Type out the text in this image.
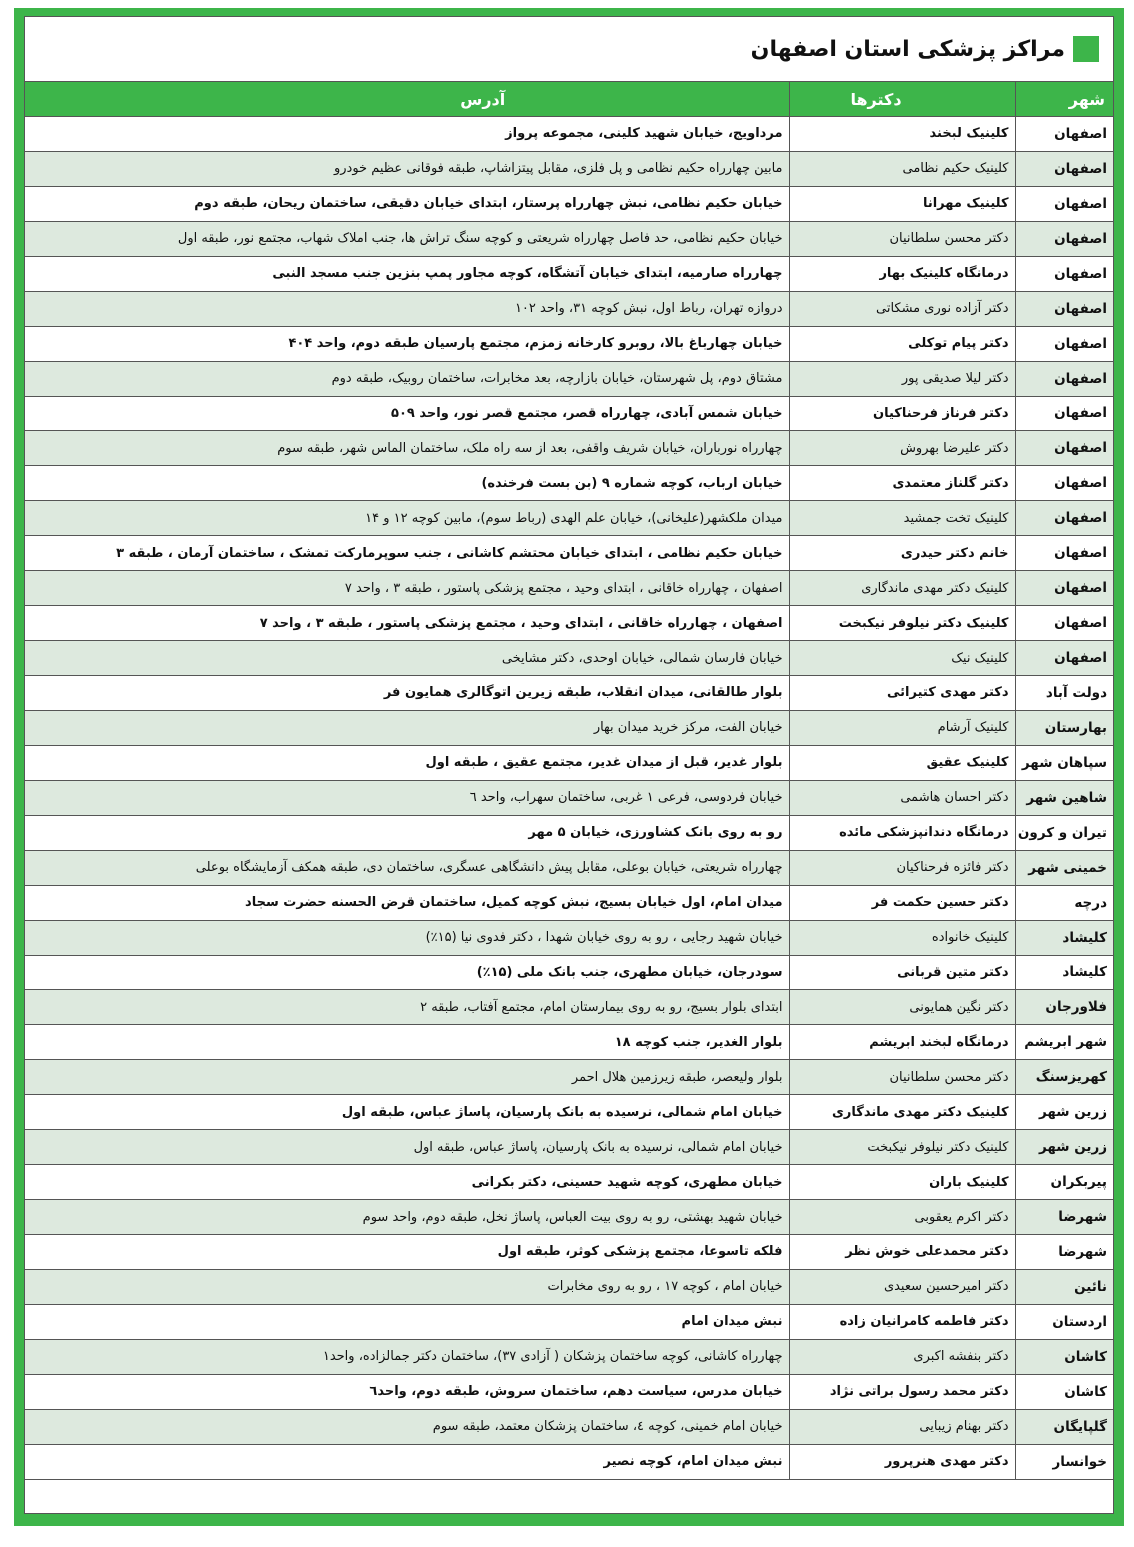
مراکز پزشکی استان اصفهان
شهر	دکترها	آدرس
اصفهان	کلینیک لبخند	مرداویج، خیابان شهید کلینی، مجموعه پرواز
اصفهان	کلینیک حکیم نظامی	مابین چهارراه حکیم نظامی و پل فلزی، مقابل پیتزاشاپ، طبقه فوقانی عظیم خودرو
اصفهان	کلینیک مهرانا	خیابان حکیم نظامی، نبش چهارراه پرستار، ابتدای خیابان دقیقی، ساختمان ریحان، طبقه دوم
اصفهان	دکتر محسن سلطانیان	خیابان حکیم نظامی، حد فاصل چهارراه شریعتی و کوچه سنگ تراش ها، جنب املاک شهاب، مجتمع نور، طبقه اول
اصفهان	درمانگاه کلینیک بهار	چهارراه صارمیه، ابتدای خیابان آتشگاه، کوچه مجاور پمپ بنزین جنب مسجد النبی
اصفهان	دکتر آزاده نوری مشکاتی	دروازه تهران، رباط اول، نبش کوچه ۳۱، واحد ۱۰۲
اصفهان	دکتر پیام توکلی	خیابان چهارباغ بالا، روبرو کارخانه زمزم، مجتمع پارسیان طبقه دوم، واحد ۴۰۴
اصفهان	دکتر لیلا صدیقی پور	مشتاق دوم، پل شهرستان، خیابان بازارچه، بعد مخابرات، ساختمان روبیک، طبقه دوم
اصفهان	دکتر فرناز فرحناکیان	خیابان شمس آبادی، چهارراه قصر، مجتمع قصر نور، واحد ۵۰۹
اصفهان	دکتر علیرضا بهروش	چهارراه نورباران، خیابان شریف واقفی، بعد از سه راه ملک، ساختمان الماس شهر، طبقه سوم
اصفهان	دکتر گلناز معتمدی	خیابان ارباب، کوچه شماره ۹ (بن بست فرخنده)
اصفهان	کلینیک تخت جمشید	میدان ملکشهر(علیخانی)، خیابان علم الهدی (رباط سوم)، مابین کوچه ۱۲ و ۱۴
اصفهان	خانم دکتر حیدری	خیابان حکیم نظامی ، ابتدای خیابان محتشم کاشانی ، جنب سوپرمارکت تمشک ، ساختمان آرمان ، طبقه ۳
اصفهان	کلینیک دکتر مهدی ماندگاری	اصفهان ، چهارراه خاقانی ، ابتدای وحید ، مجتمع پزشکی پاستور ، طبقه ۳ ، واحد ۷
اصفهان	کلینیک دکتر نیلوفر نیکبخت	اصفهان ، چهارراه خاقانی ، ابتدای وحید ، مجتمع پزشکی پاستور ، طبقه ۳ ، واحد ۷
اصفهان	کلینیک نیک	خیابان فارسان شمالی، خیابان اوحدی، دکتر مشایخی
دولت آباد	دکتر مهدی کتیرائی	بلوار طالقانی، میدان انقلاب، طبقه زیرین اتوگالری همایون فر
بهارستان	کلینیک آرشام	خیابان الفت، مرکز خرید میدان بهار
سپاهان شهر	کلینیک عقیق	بلوار غدیر، قبل از میدان غدیر، مجتمع عقیق ، طبقه اول
شاهین شهر	دکتر احسان هاشمی	خیابان فردوسی، فرعی ۱ غربی، ساختمان سهراب، واحد ٦
تیران و کرون	درمانگاه دندانپزشکی مائده	رو به روی بانک کشاورزی، خیابان ۵ مهر
خمینی شهر	دکتر فائزه فرحناکیان	چهارراه شریعتی، خیابان بوعلی، مقابل پیش دانشگاهی عسگری، ساختمان دی، طبقه همکف آزمایشگاه بوعلی
درچه	دکتر حسین حکمت فر	میدان امام، اول خیابان بسیج، نبش کوچه کمیل، ساختمان قرض الحسنه حضرت سجاد
کلیشاد	کلینیک خانواده	خیابان شهید رجایی ، رو به روی خیابان شهدا ، دکتر فدوی نیا (۱۵٪)
کلیشاد	دکتر متین قربانی	سودرجان، خیابان مطهری، جنب بانک ملی (۱۵٪)
فلاورجان	دکتر نگین همایونی	ابتدای بلوار بسیج، رو به روی بیمارستان امام، مجتمع آفتاب، طبقه ۲
شهر ابریشم	درمانگاه لبخند ابریشم	بلوار الغدیر، جنب کوچه ۱۸
کهریزسنگ	دکتر محسن سلطانیان	بلوار ولیعصر، طبقه زیرزمین هلال احمر
زرین شهر	کلینیک دکتر مهدی ماندگاری	خیابان امام شمالی، نرسیده به بانک پارسیان، پاساژ عباس، طبقه اول
زرین شهر	کلینیک دکتر نیلوفر نیکبخت	خیابان امام شمالی، نرسیده به بانک پارسیان، پاساژ عباس، طبقه اول
پیربکران	کلینیک باران	خیابان مطهری، کوچه شهید حسینی، دکتر بکرانی
شهرضا	دکتر اکرم یعقوبی	خیابان شهید بهشتی، رو به روی بیت العباس، پاساژ نخل، طبقه دوم، واحد سوم
شهرضا	دکتر محمدعلی خوش نظر	فلکه تاسوعا، مجتمع پزشکی کوثر، طبقه اول
نائین	دکتر امیرحسین سعیدی	خیابان امام ، کوچه ۱۷ ، رو به روی مخابرات
اردستان	دکتر فاطمه کامرانیان زاده	نبش میدان امام
کاشان	دکتر بنفشه اکبری	چهارراه کاشانی، کوچه ساختمان پزشکان ( آزادی ۳۷)، ساختمان دکتر جمالزاده، واحد۱
کاشان	دکتر محمد رسول براتی نژاد	خیابان مدرس، سیاست دهم، ساختمان سروش، طبقه دوم، واحد٦
گلپایگان	دکتر بهنام زیبایی	خیابان امام خمینی، کوچه ٤، ساختمان پزشکان معتمد، طبقه سوم
خوانسار	دکتر مهدی هنرپرور	نبش میدان امام، کوچه نصیر
